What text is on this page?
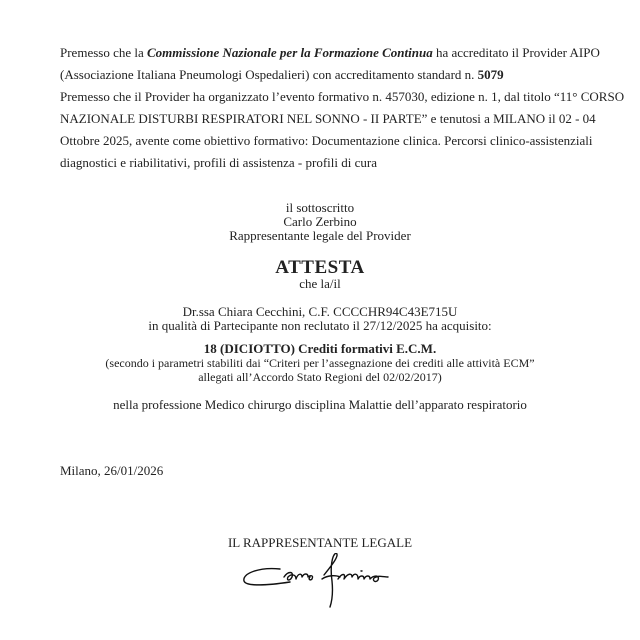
Premesso che la Commissione Nazionale per la Formazione Continua ha accreditato il Provider AIPO
(Associazione Italiana Pneumologi Ospedalieri) con accreditamento standard n. 5079
Premesso che il Provider ha organizzato l’evento formativo n. 457030, edizione n. 1, dal titolo “11° CORSO
NAZIONALE DISTURBI RESPIRATORI NEL SONNO - II PARTE” e tenutosi a MILANO il 02 - 04
Ottobre 2025, avente come obiettivo formativo: Documentazione clinica. Percorsi clinico-assistenziali
diagnostici e riabilitativi, profili di assistenza - profili di cura
il sottoscritto
Carlo Zerbino
Rappresentante legale del Provider
ATTESTA
che la/il
Dr.ssa Chiara Cecchini, C.F. CCCCHR94C43E715U
in qualità di Partecipante non reclutato il 27/12/2025 ha acquisito:
18 (DICIOTTO) Crediti formativi E.C.M.
(secondo i parametri stabiliti dai “Criteri per l’assegnazione dei crediti alle attività ECM”
allegati all’Accordo Stato Regioni del 02/02/2017)
nella professione Medico chirurgo disciplina Malattie dell’apparato respiratorio
Milano, 26/01/2026
IL RAPPRESENTANTE LEGALE
